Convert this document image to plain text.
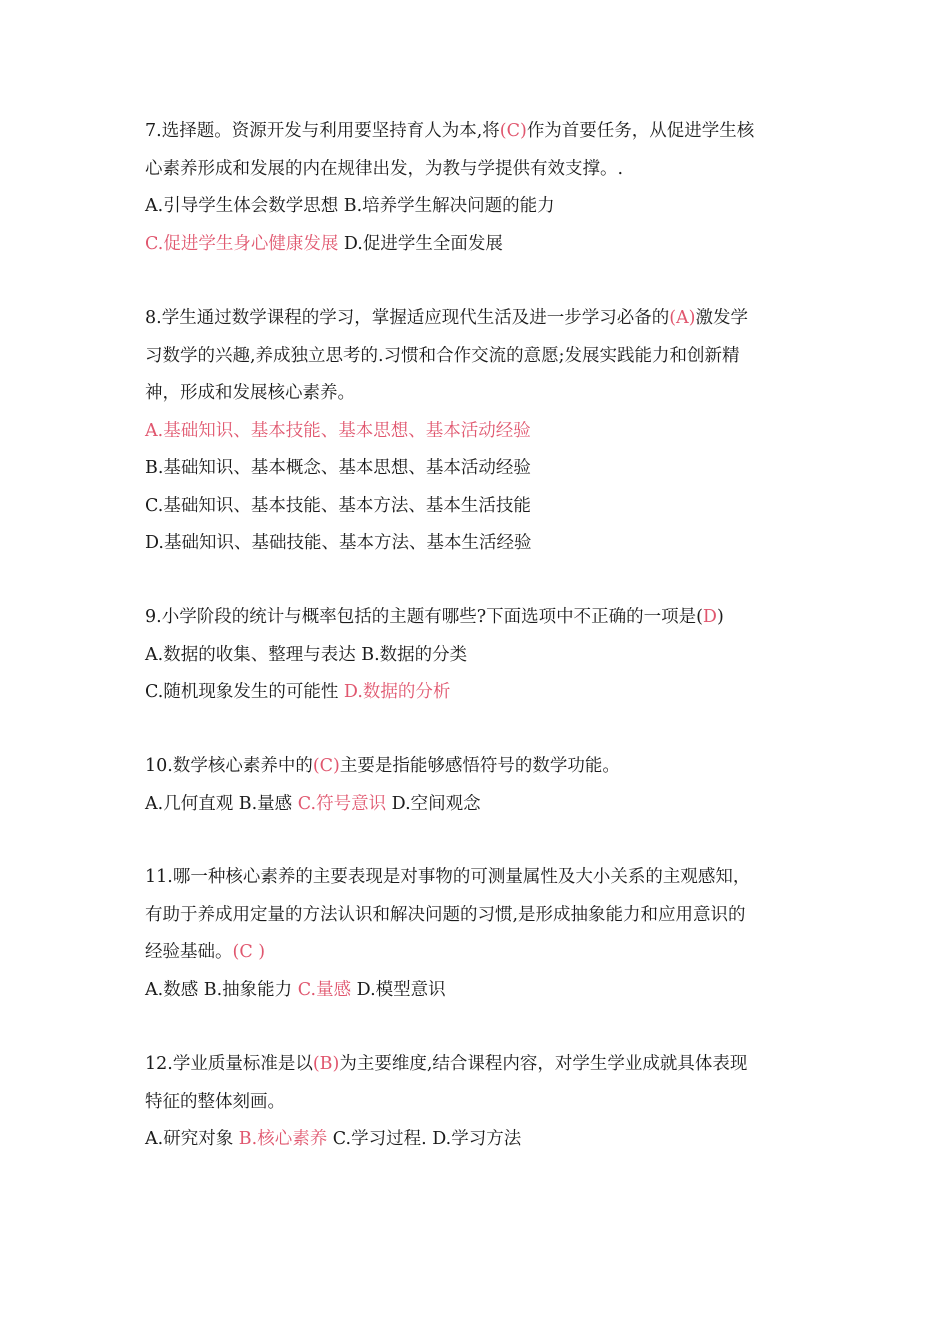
7.选择题。资源开发与利用要坚持育人为本,将(C)作为首要任务，从促进学生核
心素养形成和发展的内在规律出发，为教与学提供有效支撑。.
A.引导学生体会数学思想 B.培养学生解决问题的能力
C.促进学生身心健康发展 D.促进学生全面发展
8.学生通过数学课程的学习，掌握适应现代生活及进一步学习必备的(A)激发学
习数学的兴趣,养成独立思考的.习惯和合作交流的意愿;发展实践能力和创新精
神，形成和发展核心素养。
A.基础知识、基本技能、基本思想、基本活动经验
B.基础知识、基本概念、基本思想、基本活动经验
C.基础知识、基本技能、基本方法、基本生活技能
D.基础知识、基础技能、基本方法、基本生活经验
9.小学阶段的统计与概率包括的主题有哪些?下面选项中不正确的一项是(D)
A.数据的收集、整理与表达 B.数据的分类
C.随机现象发生的可能性 D.数据的分析
10.数学核心素养中的(C)主要是指能够感悟符号的数学功能。
A.几何直观 B.量感 C.符号意识 D.空间观念
11.哪一种核心素养的主要表现是对事物的可测量属性及大小关系的主观感知，
有助于养成用定量的方法认识和解决问题的习惯,是形成抽象能力和应用意识的
经验基础。(C )
A.数感 B.抽象能力 C.量感 D.模型意识
12.学业质量标准是以(B)为主要维度,结合课程内容，对学生学业成就具体表现
特征的整体刻画。
A.研究对象 B.核心素养 C.学习过程. D.学习方法
